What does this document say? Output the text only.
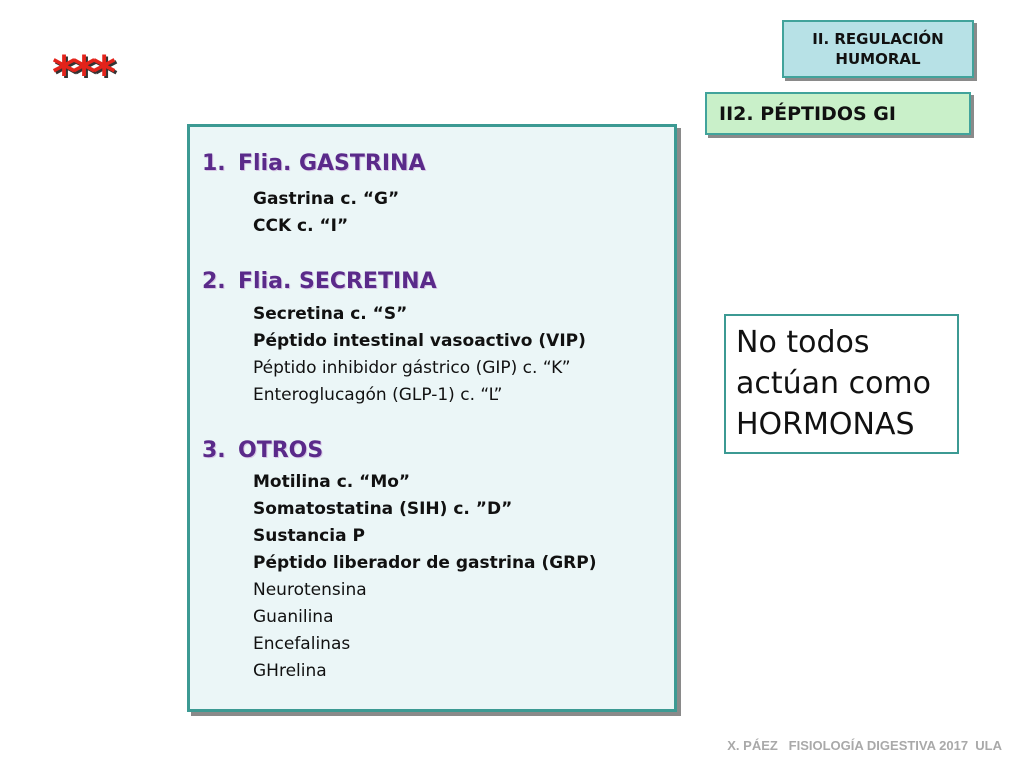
***
II. REGULACIÓN
HUMORAL
II2. PÉPTIDOS GI
1. Flia. GASTRINA
Gastrina c. “G”
CCK c. “I”
2. Flia. SECRETINA
Secretina c. “S”
Péptido intestinal vasoactivo (VIP)
Péptido inhibidor gástrico (GIP) c. “K”
Enteroglucagón (GLP-1) c. “L”
3. OTROS
Motilina c. “Mo”
Somatostatina (SIH) c. ”D”
Sustancia P
Péptido liberador de gastrina (GRP)
Neurotensina
Guanilina
Encefalinas
GHrelina
No todos
actúan como
HORMONAS
X. PÁEZ   FISIOLOGÍA DIGESTIVA 2017  ULA
